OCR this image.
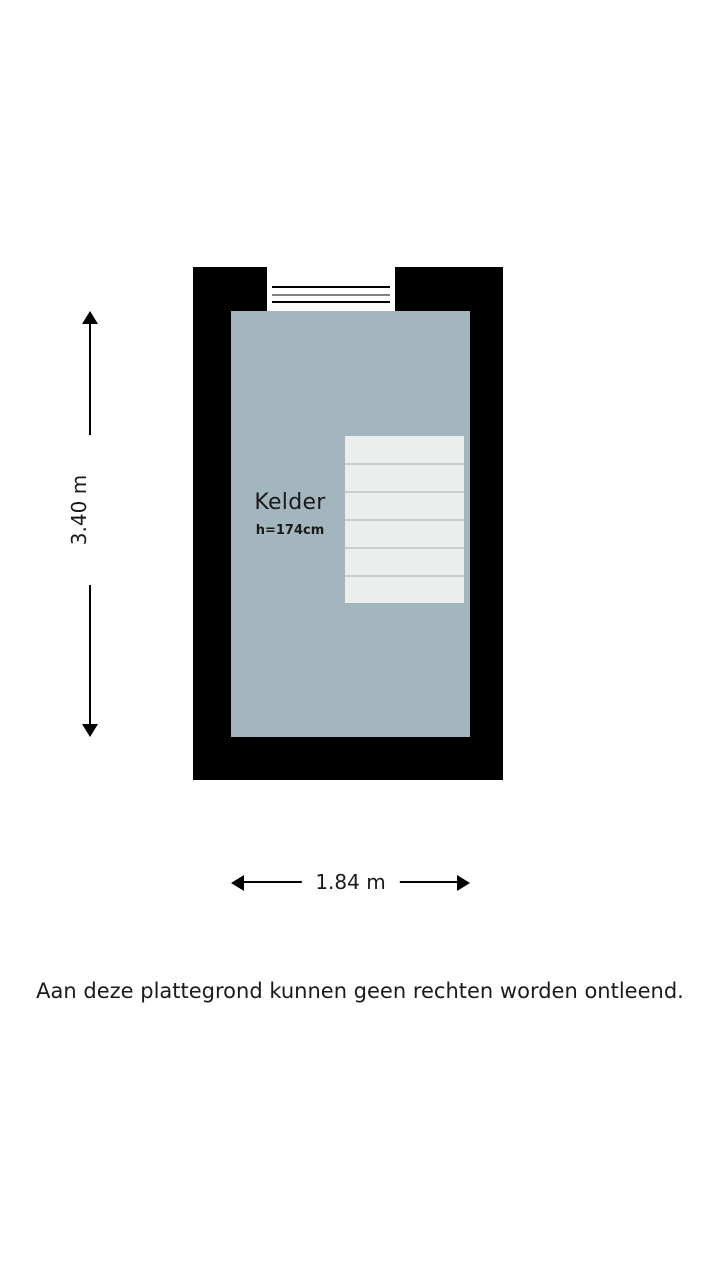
Kelder
h=174cm
3.40 m
1.84 m
Aan deze plattegrond kunnen geen rechten worden ontleend.
